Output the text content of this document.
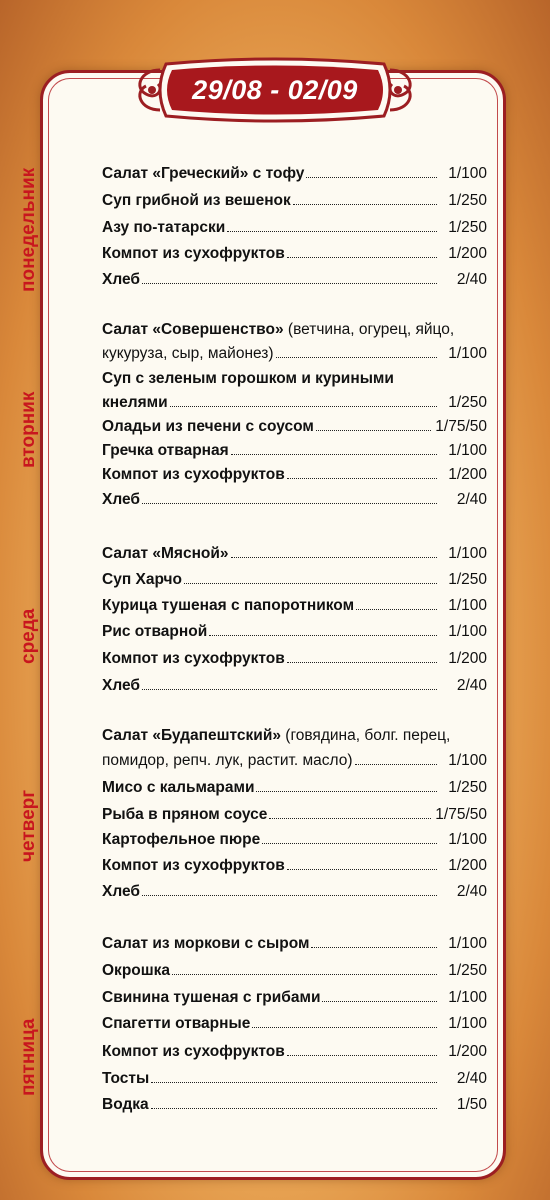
29/08 - 02/09
понедельник	Салат «Греческий» с тофу	1/100
Суп грибной из вешенок	1/250
Азу по-татарски	1/250
Компот из сухофруктов	1/200
Хлеб	2/40
вторник
Салат «Совершенство»
(ветчина, огурец, яйцо,
кукуруза, сыр, майонез)	1/100
Суп с зеленым горошком и куриными
кнелями	1/250
Оладьи из печени с соусом	1/75/50
Гречка отварная	1/100
Компот из сухофруктов	1/200
Хлеб	2/40
среда
Салат «Мясной»	1/100
Суп Харчо	1/250
Курица тушеная с папоротником	1/100
Рис отварной	1/100
Компот из сухофруктов	1/200
Хлеб	2/40
четверг
Салат «Будапештский»
(говядина, болг. перец,
помидор, репч. лук, растит. масло)	1/100
Мисо с кальмарами	1/250
Рыба в пряном соусе	1/75/50
Картофельное пюре	1/100
Компот из сухофруктов	1/200
Хлеб	2/40
пятница
Салат из моркови с сыром	1/100
Окрошка	1/250
Свинина тушеная с грибами	1/100
Спагетти отварные	1/100
Компот из сухофруктов	1/200
Тосты	2/40
Водка	1/50
